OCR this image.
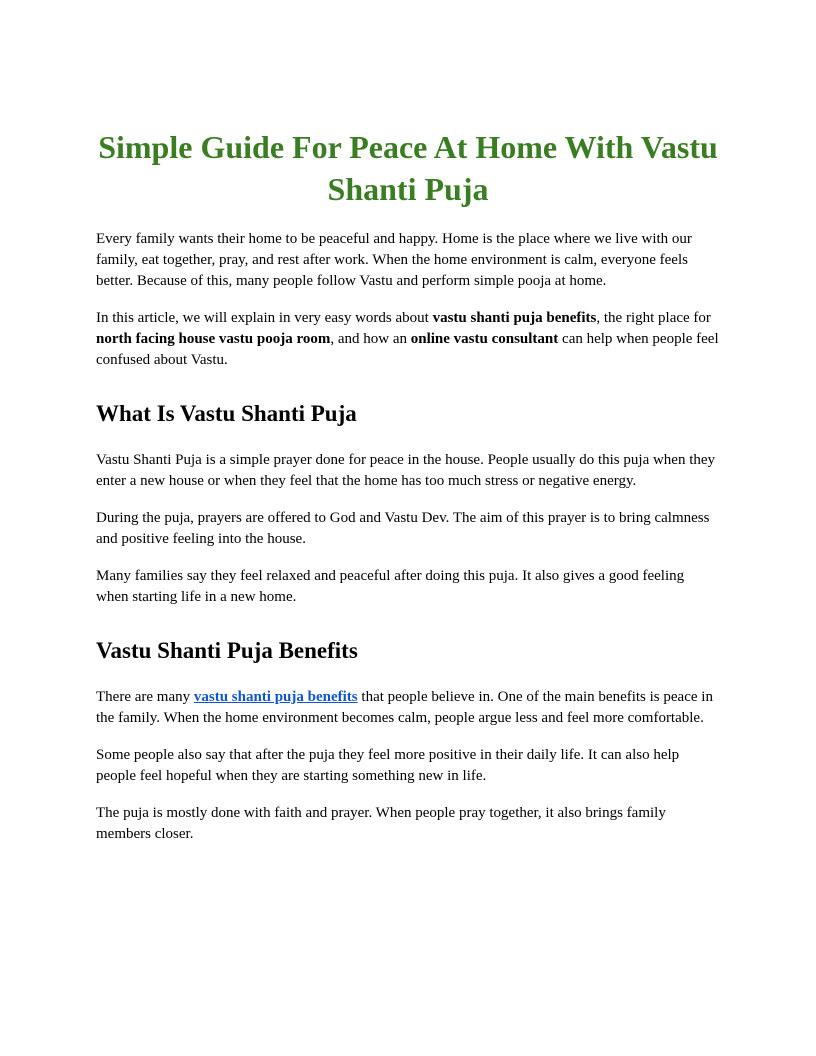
Simple Guide For Peace At Home With Vastu Shanti Puja

Every family wants their home to be peaceful and happy. Home is the place where we live with our family, eat together, pray, and rest after work. When the home environment is calm, everyone feels better. Because of this, many people follow Vastu and perform simple pooja at home.

In this article, we will explain in very easy words about vastu shanti puja benefits, the right place for north facing house vastu pooja room, and how an online vastu consultant can help when people feel confused about Vastu.

What Is Vastu Shanti Puja

Vastu Shanti Puja is a simple prayer done for peace in the house. People usually do this puja when they enter a new house or when they feel that the home has too much stress or negative energy.

During the puja, prayers are offered to God and Vastu Dev. The aim of this prayer is to bring calmness and positive feeling into the house.

Many families say they feel relaxed and peaceful after doing this puja. It also gives a good feeling when starting life in a new home.

Vastu Shanti Puja Benefits

There are many vastu shanti puja benefits that people believe in. One of the main benefits is peace in the family. When the home environment becomes calm, people argue less and feel more comfortable.

Some people also say that after the puja they feel more positive in their daily life. It can also help people feel hopeful when they are starting something new in life.

The puja is mostly done with faith and prayer. When people pray together, it also brings family members closer.
